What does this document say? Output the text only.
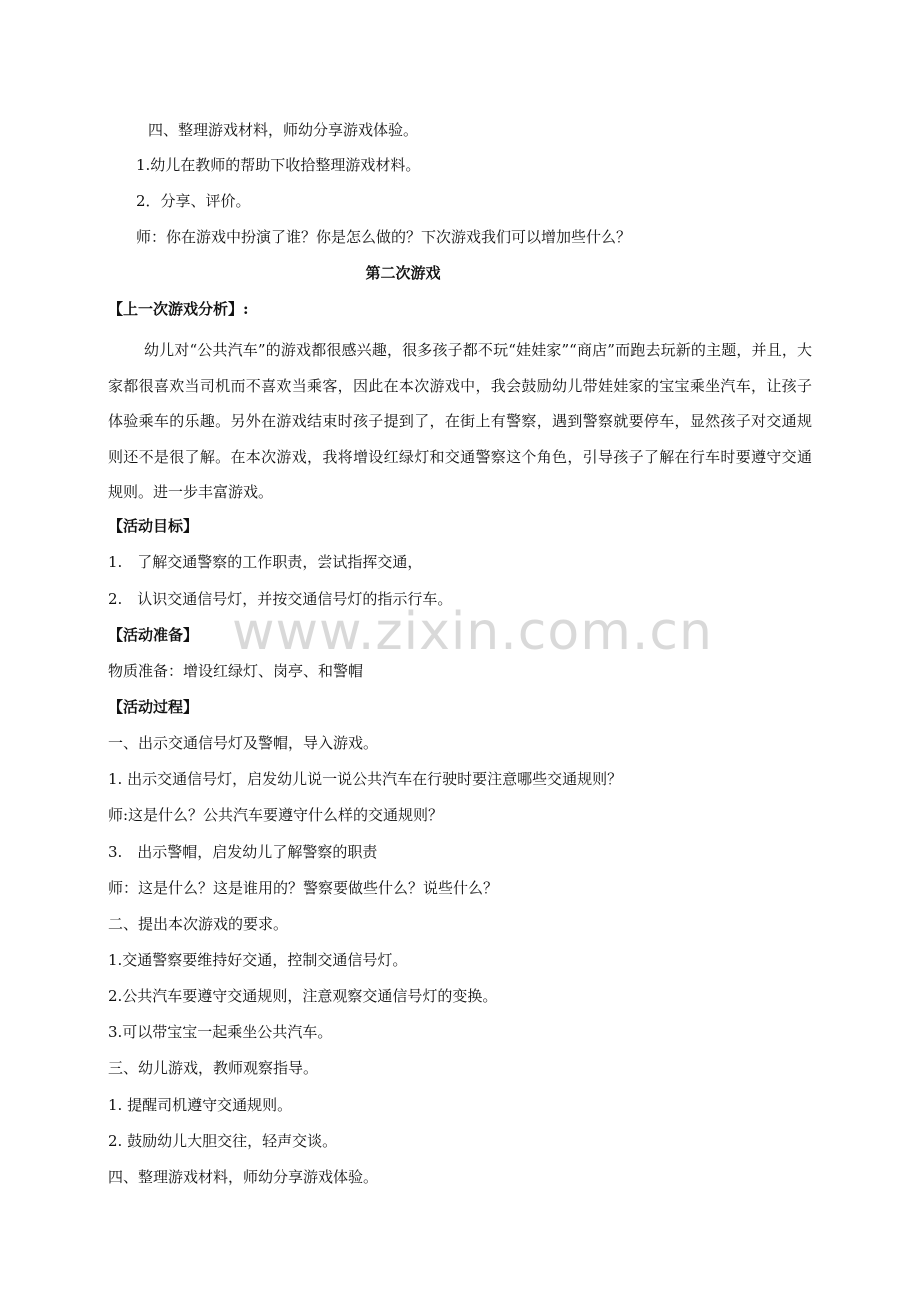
www.zixin.com.cn
四、整理游戏材料，师幼分享游戏体验。
1.幼儿在教师的帮助下收拾整理游戏材料。
2．分享、评价。
师：你在游戏中扮演了谁？你是怎么做的？下次游戏我们可以增加些什么？
第二次游戏
【上一次游戏分析】:
幼儿对“公共汽车”的游戏都很感兴趣，很多孩子都不玩“娃娃家”“商店”而跑去玩新的主题，并且，大家都很喜欢当司机而不喜欢当乘客，因此在本次游戏中，我会鼓励幼儿带娃娃家的宝宝乘坐汽车，让孩子体验乘车的乐趣。另外在游戏结束时孩子提到了，在街上有警察，遇到警察就要停车，显然孩子对交通规则还不是很了解。在本次游戏，我将增设红绿灯和交通警察这个角色，引导孩子了解在行车时要遵守交通规则。进一步丰富游戏。
【活动目标】
1.　了解交通警察的工作职责，尝试指挥交通，
2.　认识交通信号灯，并按交通信号灯的指示行车。
【活动准备】
物质准备：增设红绿灯、岗亭、和警帽
【活动过程】
一、出示交通信号灯及警帽，导入游戏。
1. 出示交通信号灯，启发幼儿说一说公共汽车在行驶时要注意哪些交通规则？
师:这是什么？公共汽车要遵守什么样的交通规则？
3.　出示警帽，启发幼儿了解警察的职责
师：这是什么？这是谁用的？警察要做些什么？说些什么？
二、提出本次游戏的要求。
1.交通警察要维持好交通，控制交通信号灯。
2.公共汽车要遵守交通规则，注意观察交通信号灯的变换。
3.可以带宝宝一起乘坐公共汽车。
三、幼儿游戏，教师观察指导。
1. 提醒司机遵守交通规则。
2. 鼓励幼儿大胆交往，轻声交谈。
四、整理游戏材料，师幼分享游戏体验。
